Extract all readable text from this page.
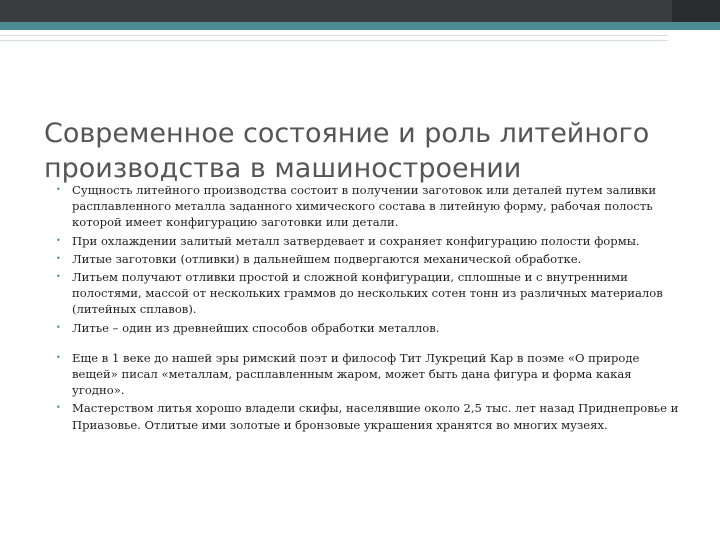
Современное состояние и роль литейного производства в машиностроении
• Сущность литейного производства состоит в получении заготовок или деталей путем заливки расплавленного металла заданного химического состава в литейную форму, рабочая полость которой имеет конфигурацию заготовки или детали.
• При охлаждении залитый металл затвердевает и сохраняет конфигурацию полости формы.
• Литые заготовки (отливки) в дальнейшем подвергаются механической обработке.
• Литьем получают отливки простой и сложной конфигурации, сплошные и с внутренними полостями, массой от нескольких граммов до нескольких сотен тонн из различных материалов (литейных сплавов).
• Литье – один из древнейших способов обработки металлов.
• Еще в 1 веке до нашей эры римский поэт и философ Тит Лукреций Кар в поэме «О природе вещей» писал «металлам, расплавленным жаром, может быть дана фигура и форма какая угодно».
• Мастерством литья хорошо владели скифы, населявшие около 2,5 тыс. лет назад Приднепровье и Приазовье. Отлитые ими золотые и бронзовые украшения хранятся во многих музеях.
